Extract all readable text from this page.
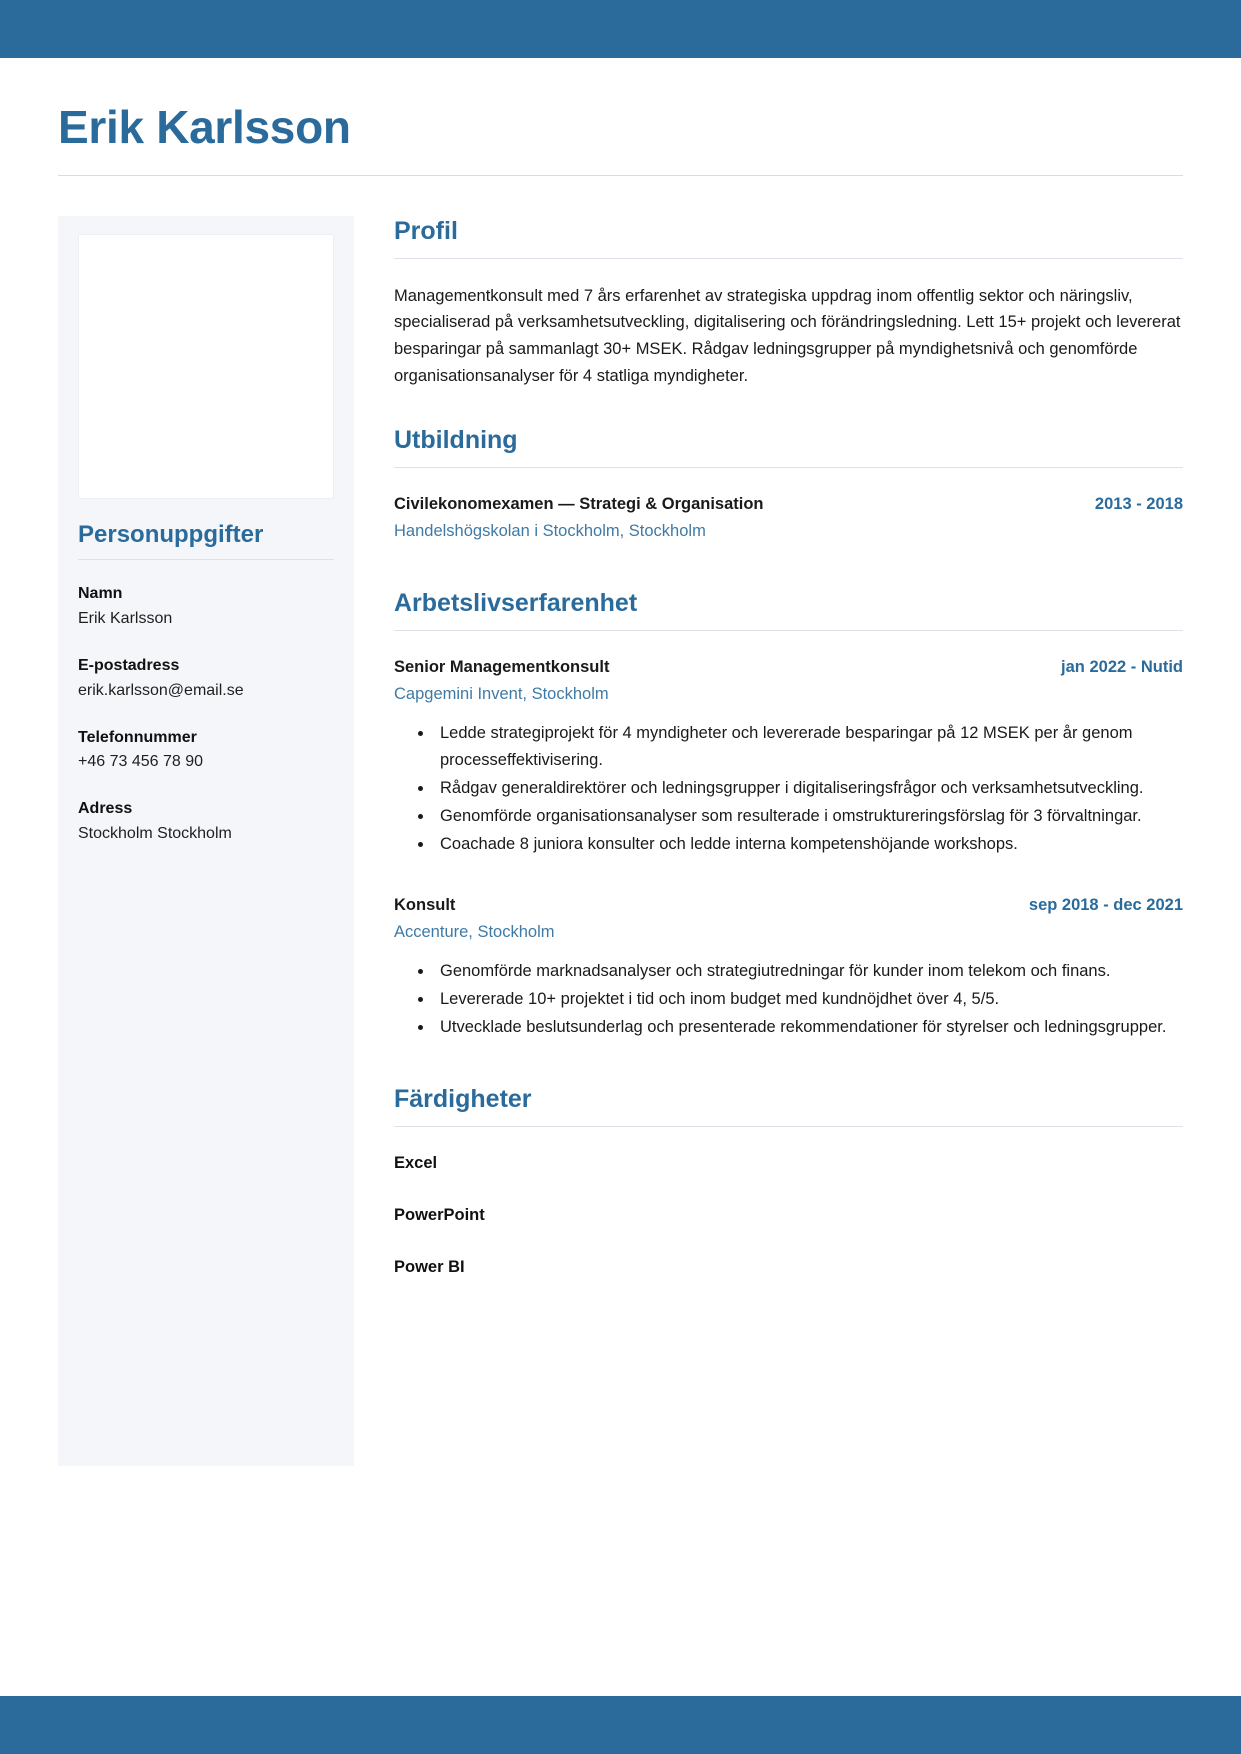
Erik Karlsson
Personuppgifter
Namn
Erik Karlsson
E-postadress
erik.karlsson@email.se
Telefonnummer
+46 73 456 78 90
Adress
Stockholm Stockholm
Profil

Managementkonsult med 7 års erfarenhet av strategiska uppdrag inom offentlig sektor och näringsliv, specialiserad på verksamhetsutveckling, digitalisering och förändringsledning. Lett 15+ projekt och levererat besparingar på sammanlagt 30+ MSEK. Rådgav ledningsgrupper på myndighetsnivå och genomförde organisationsanalyser för 4 statliga myndigheter.

Utbildning
Civilekonomexamen — Strategi & Organisation	2013 - 2018
Handelshögskolan i Stockholm, Stockholm
Arbetslivserfarenhet
Senior Managementkonsult	jan 2022 - Nutid
Capgemini Invent, Stockholm
• Ledde strategiprojekt för 4 myndigheter och levererade besparingar på 12 MSEK per år genom processeffektivisering.
• Rådgav generaldirektörer och ledningsgrupper i digitaliseringsfrågor och verksamhetsutveckling.
• Genomförde organisationsanalyser som resulterade i omstruktureringsförslag för 3 förvaltningar.
• Coachade 8 juniora konsulter och ledde interna kompetenshöjande workshops.
Konsult	sep 2018 - dec 2021
Accenture, Stockholm
• Genomförde marknadsanalyser och strategiutredningar för kunder inom telekom och finans.
• Levererade 10+ projektet i tid och inom budget med kundnöjdhet över 4, 5/5.
• Utvecklade beslutsunderlag och presenterade rekommendationer för styrelser och ledningsgrupper.
Färdigheter
Excel
PowerPoint
Power BI
